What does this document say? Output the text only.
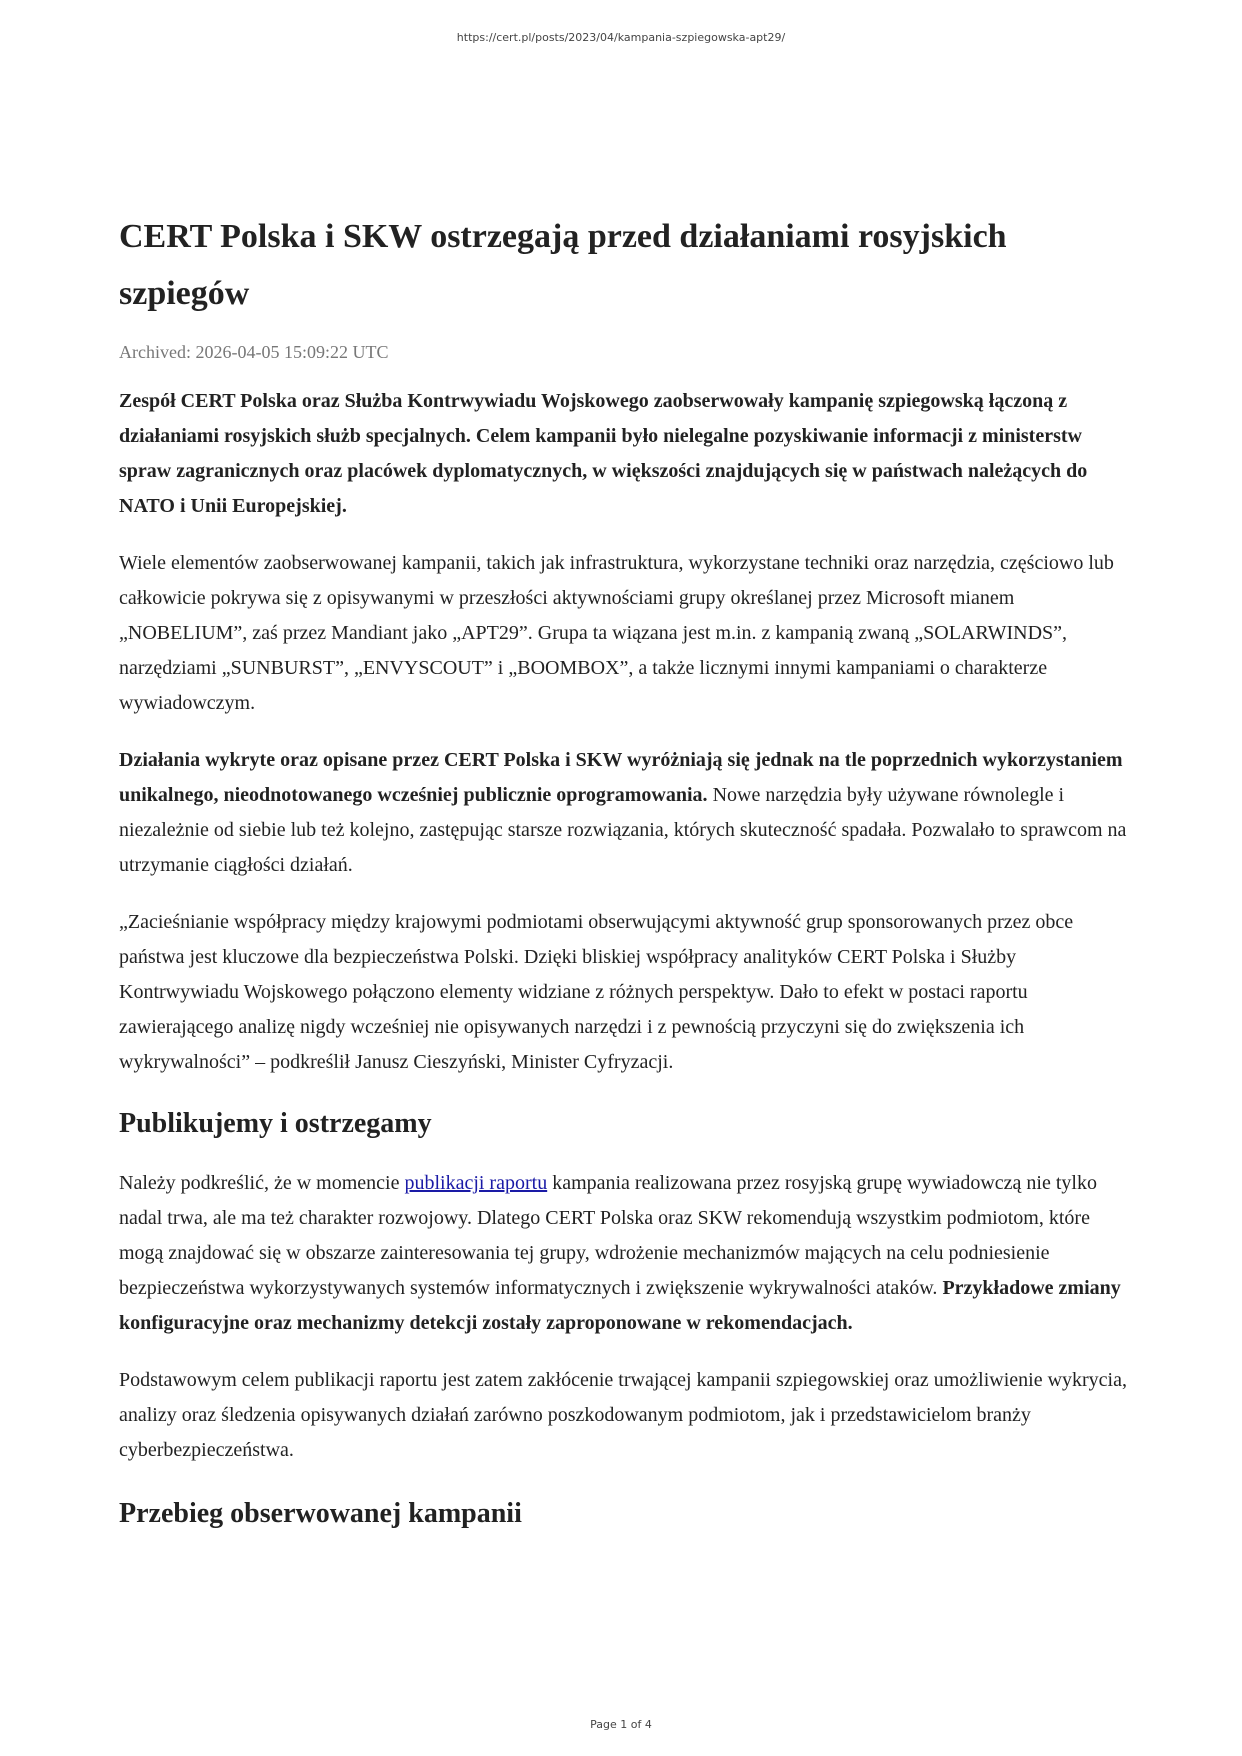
https://cert.pl/posts/2023/04/kampania-szpiegowska-apt29/
CERT Polska i SKW ostrzegają przed działaniami rosyjskich szpiegów
Archived: 2026-04-05 15:09:22 UTC

Zespół CERT Polska oraz Służba Kontrwywiadu Wojskowego zaobserwowały kampanię szpiegowską łączoną z działaniami rosyjskich służb specjalnych. Celem kampanii było nielegalne pozyskiwanie informacji z ministerstw spraw zagranicznych oraz placówek dyplomatycznych, w większości znajdujących się w państwach należących do NATO i Unii Europejskiej.

Wiele elementów zaobserwowanej kampanii, takich jak infrastruktura, wykorzystane techniki oraz narzędzia, częściowo lub całkowicie pokrywa się z opisywanymi w przeszłości aktywnościami grupy określanej przez Microsoft mianem „NOBELIUM”, zaś przez Mandiant jako „APT29”. Grupa ta wiązana jest m.in. z kampanią zwaną „SOLARWINDS”, narzędziami „SUNBURST”, „ENVYSCOUT” i „BOOMBOX”, a także licznymi innymi kampaniami o charakterze wywiadowczym.

Działania wykryte oraz opisane przez CERT Polska i SKW wyróżniają się jednak na tle poprzednich wykorzystaniem unikalnego, nieodnotowanego wcześniej publicznie oprogramowania. Nowe narzędzia były używane równolegle i niezależnie od siebie lub też kolejno, zastępując starsze rozwiązania, których skuteczność spadała. Pozwalało to sprawcom na utrzymanie ciągłości działań.

„Zacieśnianie współpracy między krajowymi podmiotami obserwującymi aktywność grup sponsorowanych przez obce państwa jest kluczowe dla bezpieczeństwa Polski. Dzięki bliskiej współpracy analityków CERT Polska i Służby Kontrwywiadu Wojskowego połączono elementy widziane z różnych perspektyw. Dało to efekt w postaci raportu zawierającego analizę nigdy wcześniej nie opisywanych narzędzi i z pewnością przyczyni się do zwiększenia ich wykrywalności” – podkreślił Janusz Cieszyński, Minister Cyfryzacji.

Publikujemy i ostrzegamy

Należy podkreślić, że w momencie publikacji raportu kampania realizowana przez rosyjską grupę wywiadowczą nie tylko nadal trwa, ale ma też charakter rozwojowy. Dlatego CERT Polska oraz SKW rekomendują wszystkim podmiotom, które mogą znajdować się w obszarze zainteresowania tej grupy, wdrożenie mechanizmów mających na celu podniesienie bezpieczeństwa wykorzystywanych systemów informatycznych i zwiększenie wykrywalności ataków. Przykładowe zmiany konfiguracyjne oraz mechanizmy detekcji zostały zaproponowane w rekomendacjach.

Podstawowym celem publikacji raportu jest zatem zakłócenie trwającej kampanii szpiegowskiej oraz umożliwienie wykrycia, analizy oraz śledzenia opisywanych działań zarówno poszkodowanym podmiotom, jak i przedstawicielom branży cyberbezpieczeństwa.

Przebieg obserwowanej kampanii
Page 1 of 4
